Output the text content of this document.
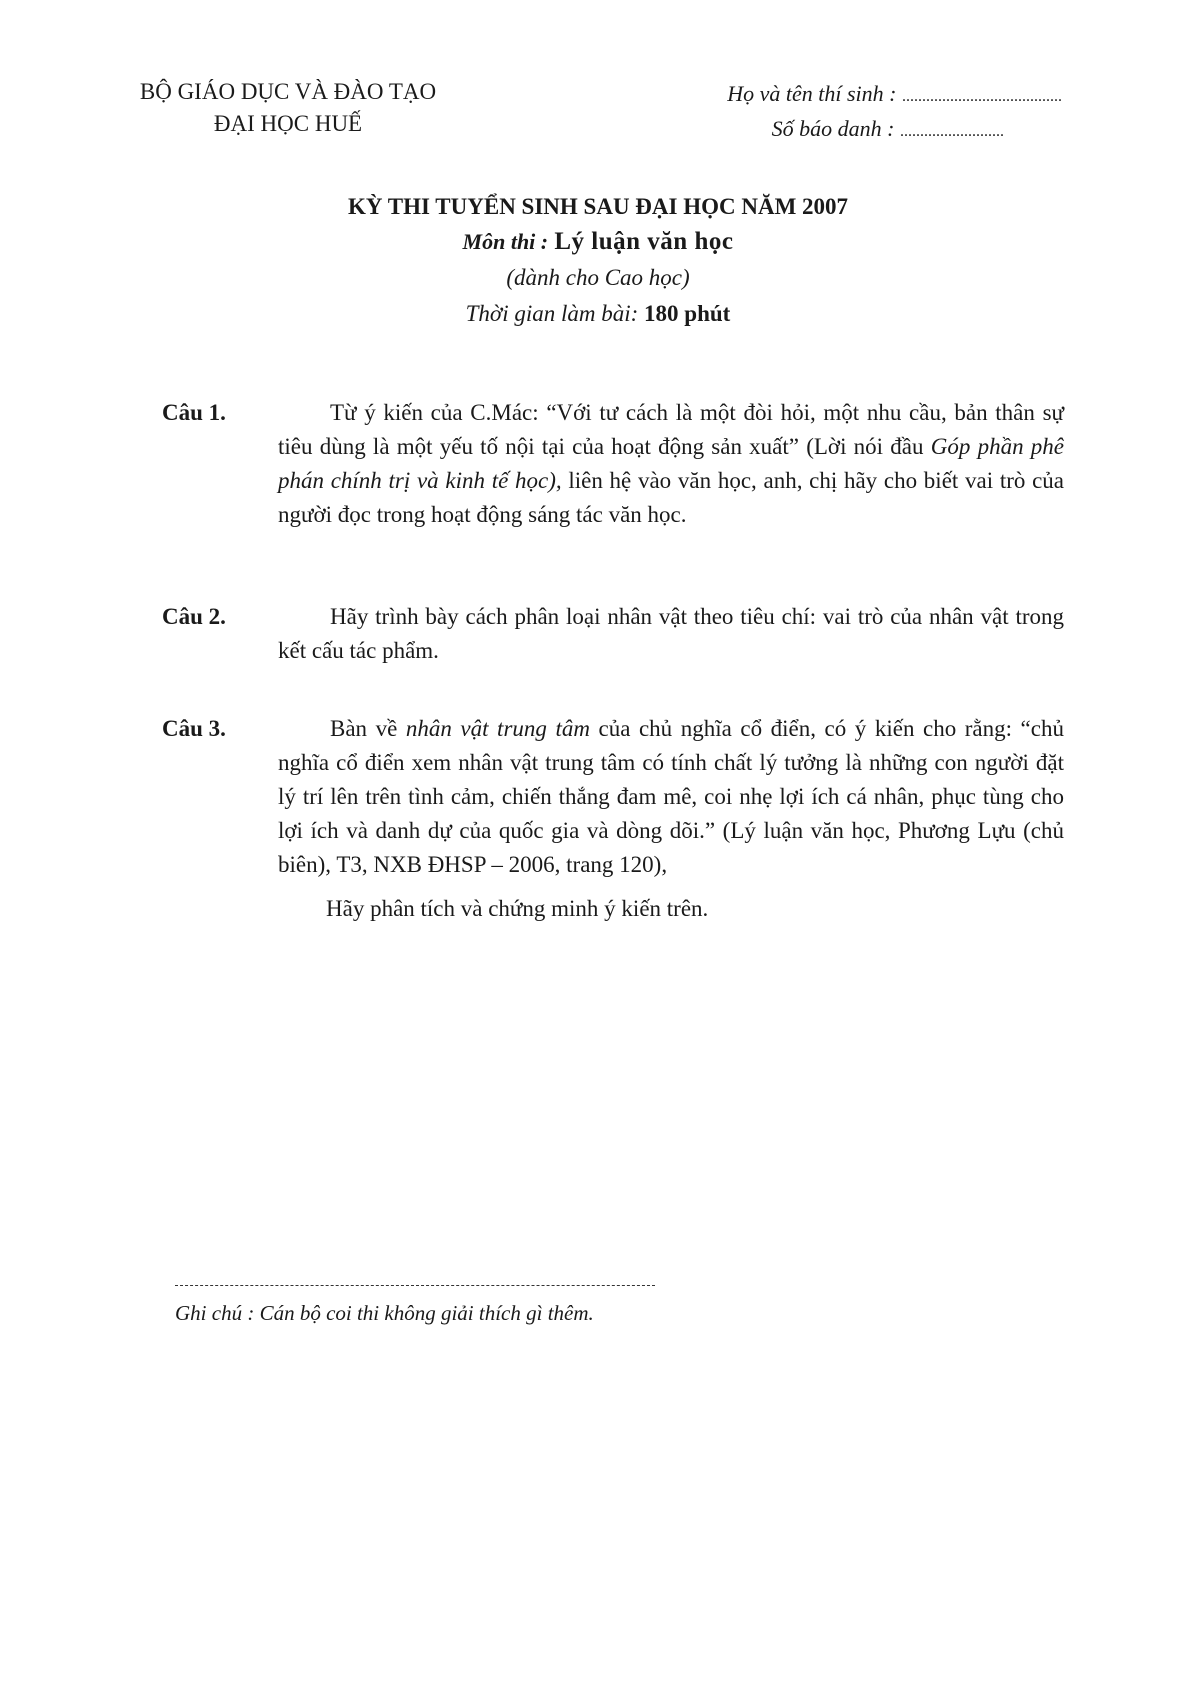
BỘ GIÁO DỤC VÀ ĐÀO TẠO
ĐẠI HỌC HUẾ
Họ và tên thí sinh : ........................................
Số báo danh : ..........................
KỲ THI TUYỂN SINH SAU ĐẠI HỌC NĂM 2007
Môn thi : Lý luận văn học
(dành cho Cao học)
Thời gian làm bài: 180 phút
Câu 1.	Từ ý kiến của C.Mác: “Với tư cách là một đòi hỏi, một nhu cầu, bản thân sự tiêu dùng là một yếu tố nội tại của hoạt động sản xuất” (Lời nói đầu Góp phần phê phán chính trị và kinh tế học), liên hệ vào văn học, anh, chị hãy cho biết vai trò của người đọc trong hoạt động sáng tác văn học.
Câu 2.	Hãy trình bày cách phân loại nhân vật theo tiêu chí: vai trò của nhân vật trong kết cấu tác phẩm.
Câu 3.	Bàn về nhân vật trung tâm của chủ nghĩa cổ điển, có ý kiến cho rằng: “chủ nghĩa cổ điển xem nhân vật trung tâm có tính chất lý tưởng là những con người đặt lý trí lên trên tình cảm, chiến thắng đam mê, coi nhẹ lợi ích cá nhân, phục tùng cho lợi ích và danh dự của quốc gia và dòng dõi.” (Lý luận văn học, Phương Lựu (chủ biên), T3, NXB ĐHSP – 2006, trang 120),
Hãy phân tích và chứng minh ý kiến trên.
Ghi chú : Cán bộ coi thi không giải thích gì thêm.
